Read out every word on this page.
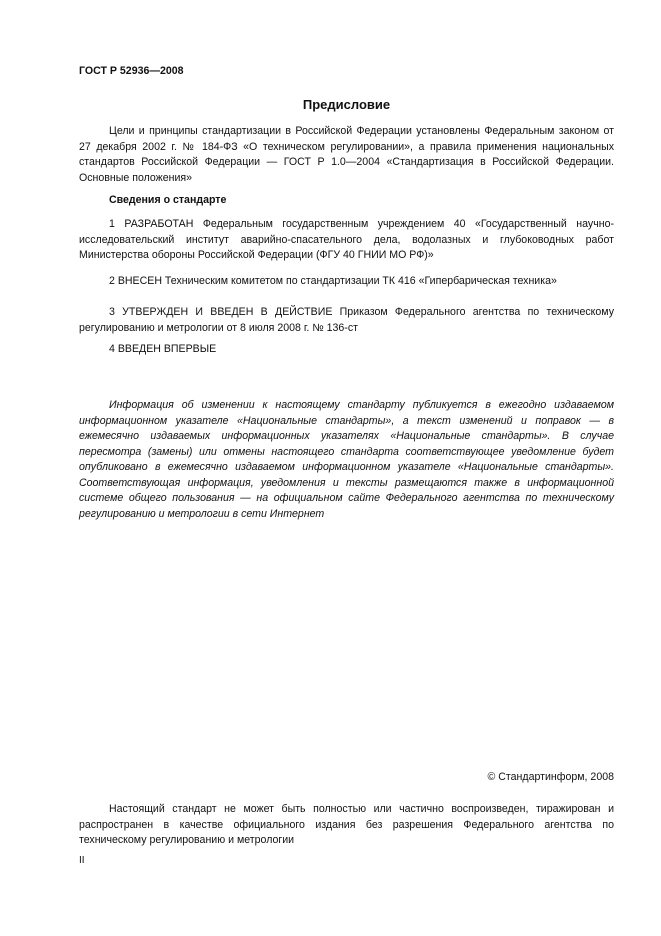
ГОСТ Р 52936—2008
Предисловие
Цели и принципы стандартизации в Российской Федерации установлены Федеральным законом от 27 декабря 2002 г. № 184-ФЗ «О техническом регулировании», а правила применения национальных стандартов Российской Федерации — ГОСТ Р 1.0—2004 «Стандартизация в Российской Федерации. Основные положения»
Сведения о стандарте
1 РАЗРАБОТАН Федеральным государственным учреждением 40 «Государственный научно-исследовательский институт аварийно-спасательного дела, водолазных и глубоководных работ Министерства обороны Российской Федерации (ФГУ 40 ГНИИ МО РФ)»
2 ВНЕСЕН Техническим комитетом по стандартизации ТК 416 «Гипербарическая техника»
3 УТВЕРЖДЕН И ВВЕДЕН В ДЕЙСТВИЕ Приказом Федерального агентства по техническому регулированию и метрологии от 8 июля 2008 г. № 136-ст
4 ВВЕДЕН ВПЕРВЫЕ
Информация об изменении к настоящему стандарту публикуется в ежегодно издаваемом информационном указателе «Национальные стандарты», а текст изменений и поправок — в ежемесячно издаваемых информационных указателях «Национальные стандарты». В случае пересмотра (замены) или отмены настоящего стандарта соответствующее уведомление будет опубликовано в ежемесячно издаваемом информационном указателе «Национальные стандарты». Соответствующая информация, уведомления и тексты размещаются также в информационной системе общего пользования — на официальном сайте Федерального агентства по техническому регулированию и метрологии в сети Интернет
© Стандартинформ, 2008
Настоящий стандарт не может быть полностью или частично воспроизведен, тиражирован и распространен в качестве официального издания без разрешения Федерального агентства по техническому регулированию и метрологии
II
